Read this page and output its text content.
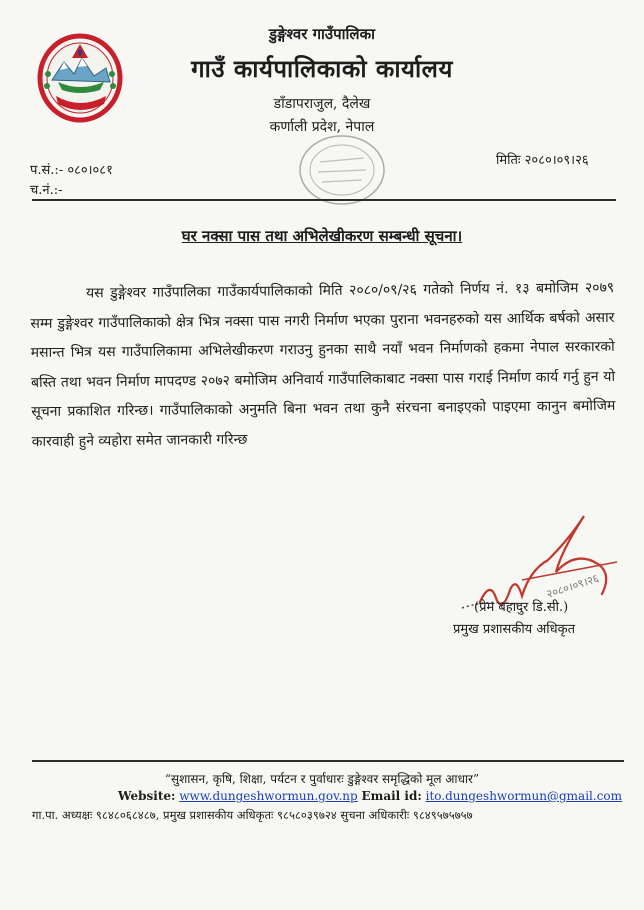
डुङ्गेश्वर गाउँपालिका
गाउँ कार्यपालिकाको कार्यालय
डाँडापराजुल, दैलेख
कर्णाली प्रदेश, नेपाल
प.सं.:- ०८०।०८१
च.नं.:-
मितिः २०८०।०९।२६
घर नक्सा पास तथा अभिलेखीकरण सम्बन्धी सूचना।
यस डुङ्गेश्वर गाउँपालिका गाउँकार्यपालिकाको मिति २०८०/०९/२६ गतेको निर्णय नं. १३ बमोजिम २०७९ सम्म डुङ्गेश्वर गाउँपालिकाको क्षेत्र भित्र नक्सा पास नगरी निर्माण भएका पुराना भवनहरुको यस आर्थिक बर्षको असार मसान्त भित्र यस गाउँपालिकामा अभिलेखीकरण गराउनु हुनका साथै नयाँ भवन निर्माणको हकमा नेपाल सरकारको बस्ति तथा भवन निर्माण मापदण्ड २०७२ बमोजिम अनिवार्य गाउँपालिकाबाट नक्सा पास गराई निर्माण कार्य गर्नु हुन यो सूचना प्रकाशित गरिन्छ। गाउँपालिकाको अनुमति बिना भवन तथा कुनै संरचना बनाइएको पाइएमा कानुन बमोजिम कारवाही हुने व्यहोरा समेत जानकारी गरिन्छ
२०८०।०९।२६
(प्रेम बहादुर डि.सी.)
प्रमुख प्रशासकीय अधिकृत
“सुशासन, कृषि, शिक्षा, पर्यटन र पुर्वाधारः डुङ्गेश्वर समृद्धिको मूल आधार”
Website: www.dungeshwormun.gov.np Email id: ito.dungeshwormun@gmail.com
गा.पा. अध्यक्षः ९८४८०६८४८७, प्रमुख प्रशासकीय अधिकृतः ९८५८०३९७२४ सुचना अधिकारीः ९८४९५७५७५७
